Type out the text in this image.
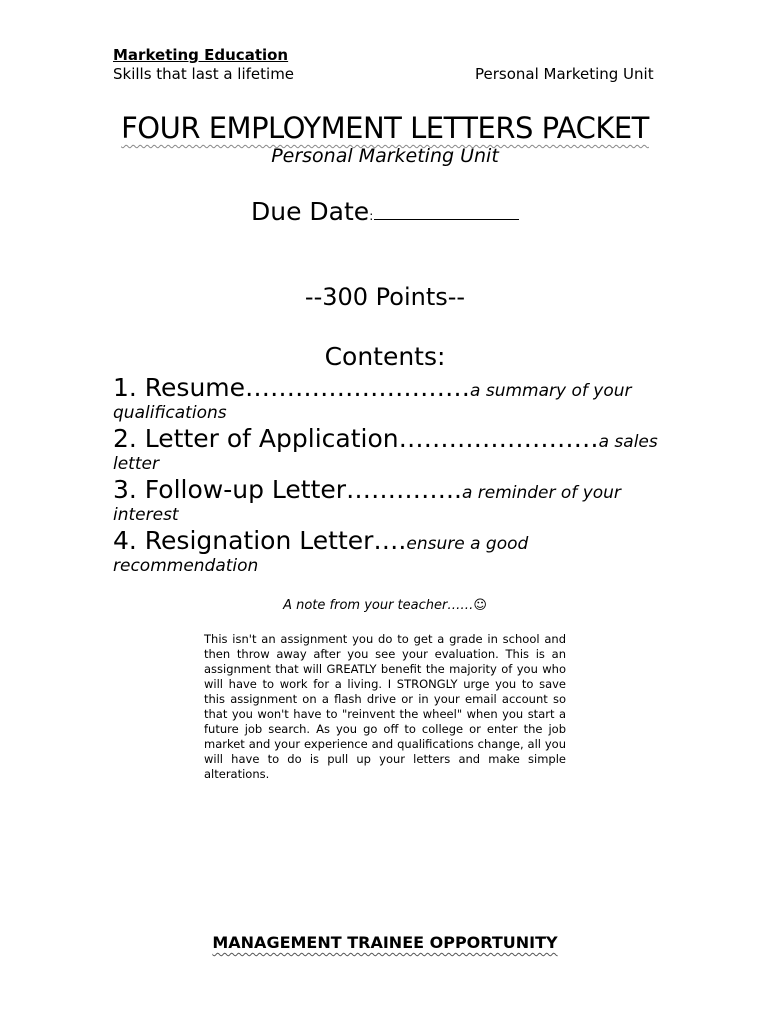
Marketing Education
Skills that last a lifetime	Personal Marketing Unit
FOUR EMPLOYMENT LETTERS PACKET
Personal Marketing Unit
Due Date:
--300 Points--
Contents:
1. Resume………………………a summary of your qualifications
2. Letter of Application……………………a sales letter
3. Follow-up Letter…………..a reminder of your interest
4. Resignation Letter….ensure a good recommendation
A note from your teacher……☺
This isn't an assignment you do to get a grade in school and then throw away after you see your evaluation. This is an assignment that will GREATLY benefit the majority of you who will have to work for a living. I STRONGLY urge you to save this assignment on a flash drive or in your email account so that you won't have to "reinvent the wheel" when you start a future job search. As you go off to college or enter the job market and your experience and qualifications change, all you will have to do is pull up your letters and make simple alterations.
MANAGEMENT TRAINEE OPPORTUNITY
